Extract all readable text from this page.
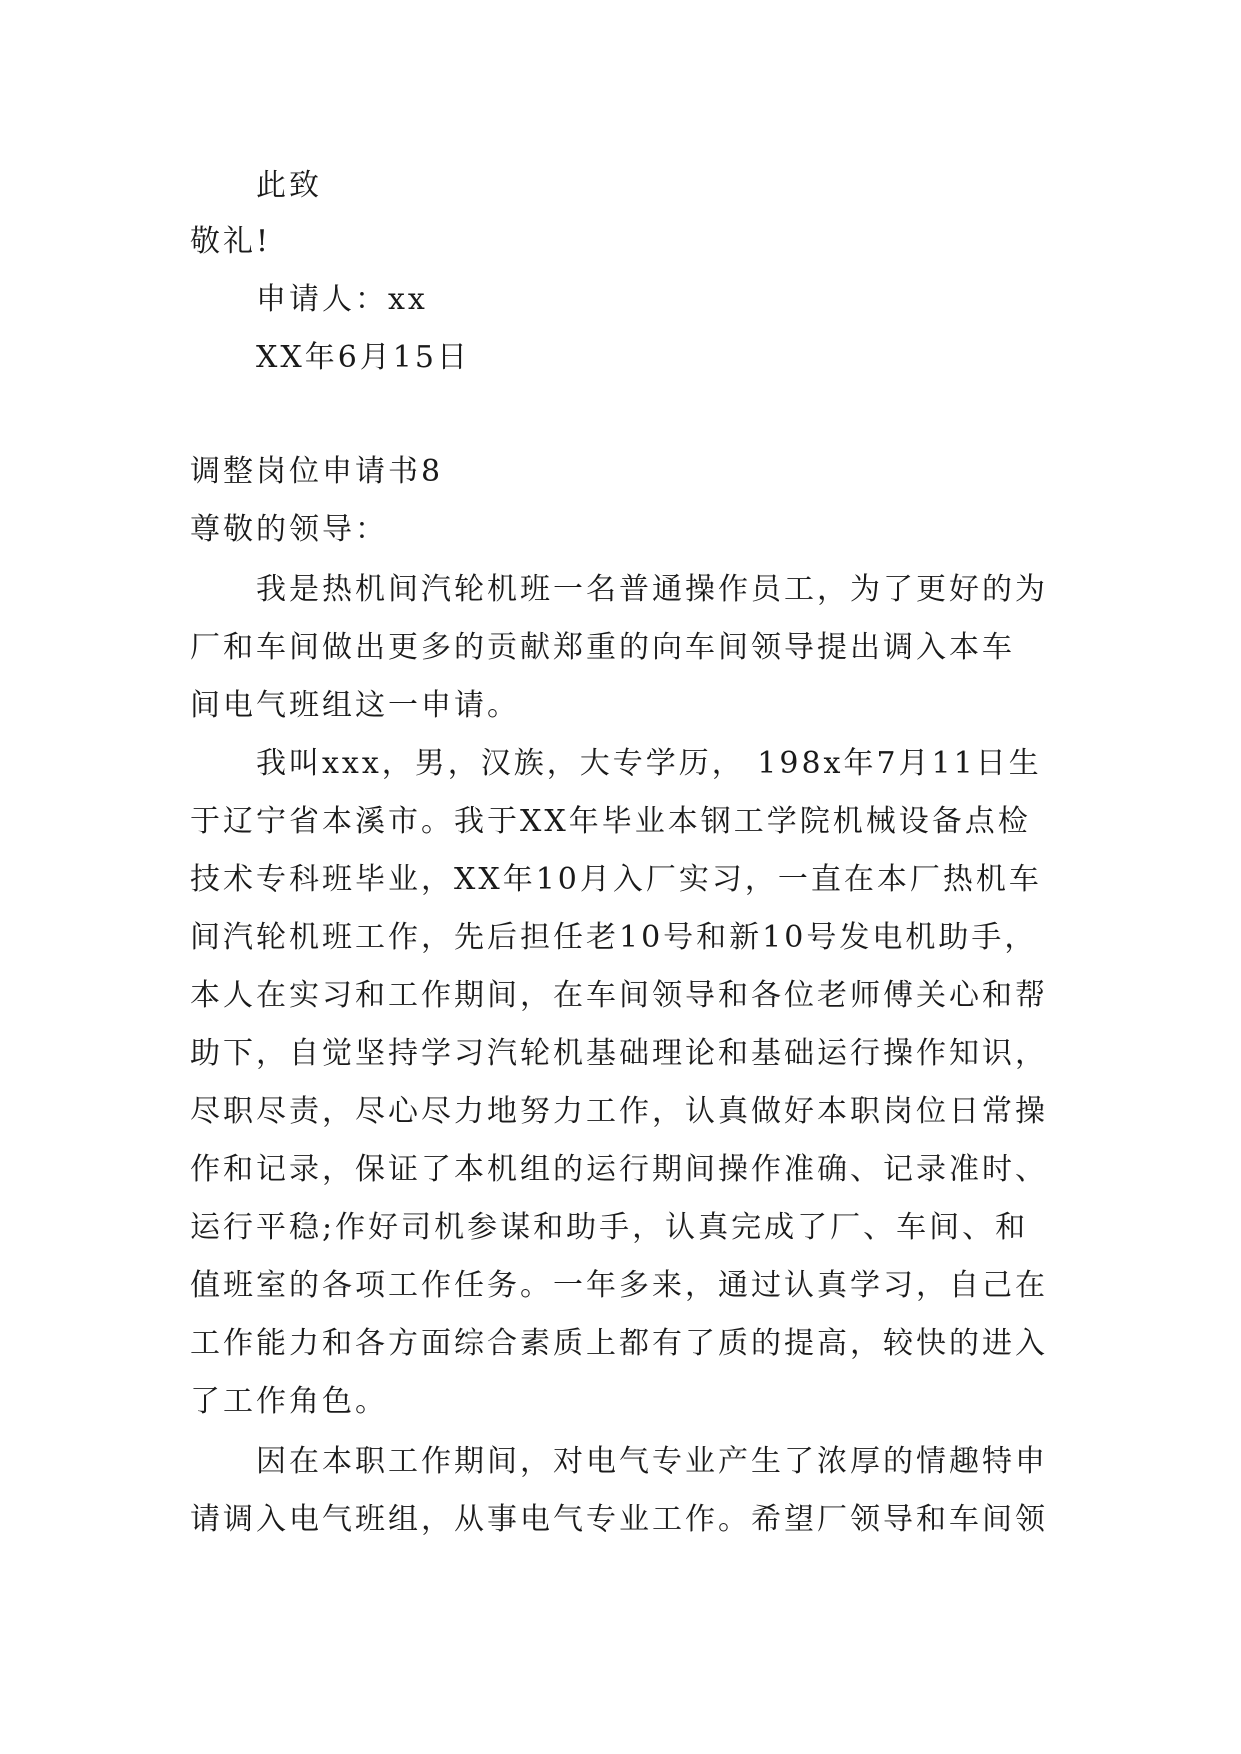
此致
敬礼!
申请人：xx
XX年6月15日
调整岗位申请书8
尊敬的领导：
我是热机间汽轮机班一名普通操作员工，为了更好的为
厂和车间做出更多的贡献郑重的向车间领导提出调入本车
间电气班组这一申请。
我叫xxx，男，汉族，大专学历， 198x年7月11日生
于辽宁省本溪市。我于XX年毕业本钢工学院机械设备点检
技术专科班毕业，XX年10月入厂实习，一直在本厂热机车
间汽轮机班工作，先后担任老10号和新10号发电机助手，
本人在实习和工作期间，在车间领导和各位老师傅关心和帮
助下，自觉坚持学习汽轮机基础理论和基础运行操作知识，
尽职尽责，尽心尽力地努力工作，认真做好本职岗位日常操
作和记录，保证了本机组的运行期间操作准确、记录准时、
运行平稳;作好司机参谋和助手，认真完成了厂、车间、和
值班室的各项工作任务。一年多来，通过认真学习，自己在
工作能力和各方面综合素质上都有了质的提高，较快的进入
了工作角色。
因在本职工作期间，对电气专业产生了浓厚的情趣特申
请调入电气班组，从事电气专业工作。希望厂领导和车间领
